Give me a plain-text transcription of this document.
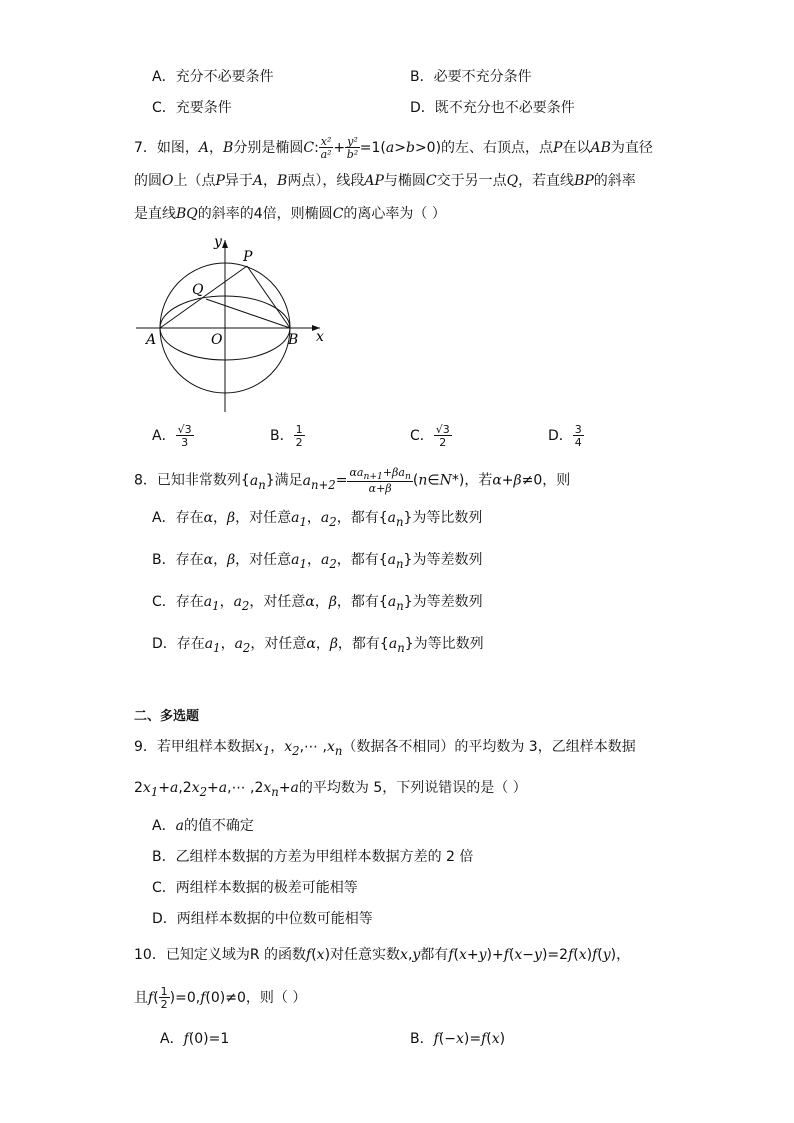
A．充分不必要条件	B．必要不充分条件
C．充要条件	D．既不充分也不必要条件
7．如图，A，B分别是椭圆C: $\frac{\text{x²}}{\text{a²}} + \frac{\text{y²}}{\text{b²}} =1(a>b>0)$的左、右顶点，点P在以AB为直径
的圆O上（点P异于A，B两点），线段AP与椭圆C交于另一点Q，若直线BP的斜率
是直线BQ的斜率的4倍，则椭圆C的离心率为（ ）
y
x
P
Q
A	O	B
A． $\frac{√3}{3}$	B． $\frac{1}{2}$	C． $\frac{√3}{2}$	D． $\frac{3}{4}$
8．已知非常数列$\{a_n\}$满足$a_{n+2}= \frac{\alpha a_{n+1}+\beta a_n}{\alpha+\beta}$ (n∈N*)，若α+β≠0，则
A．存在α，β，对任意$a_1$，$a_2$，都有$\{a_n\}$为等比数列
B．存在α，β，对任意$a_1$，$a_2$，都有$\{a_n\}$为等差数列
C．存在$a_1$，$a_2$，对任意α，β，都有$\{a_n\}$为等差数列
D．存在$a_1$，$a_2$，对任意α，β，都有$\{a_n\}$为等比数列
二、多选题
9．若甲组样本数据$x_1$，$x_2,\cdots$ $,x_n$（数据各不相同）的平均数为 3，乙组样本数据
$2x_1+a,2x_2+a,\cdots$ $,2x_n+a$的平均数为 5，下列说错误的是（ ）
A．a的值不确定
B．乙组样本数据的方差为甲组样本数据方差的 2 倍
C．两组样本数据的极差可能相等
D．两组样本数据的中位数可能相等
10．已知定义域为R 的函数f(x)对任意实数x,y都有f(x+y)+f(x−y)=2f(x)f(y)，
且$f( \frac{1}{2} )=0,f(0)\ne 0$，则（ ）
A．f(0)=1	B．f(−x)=f(x)
